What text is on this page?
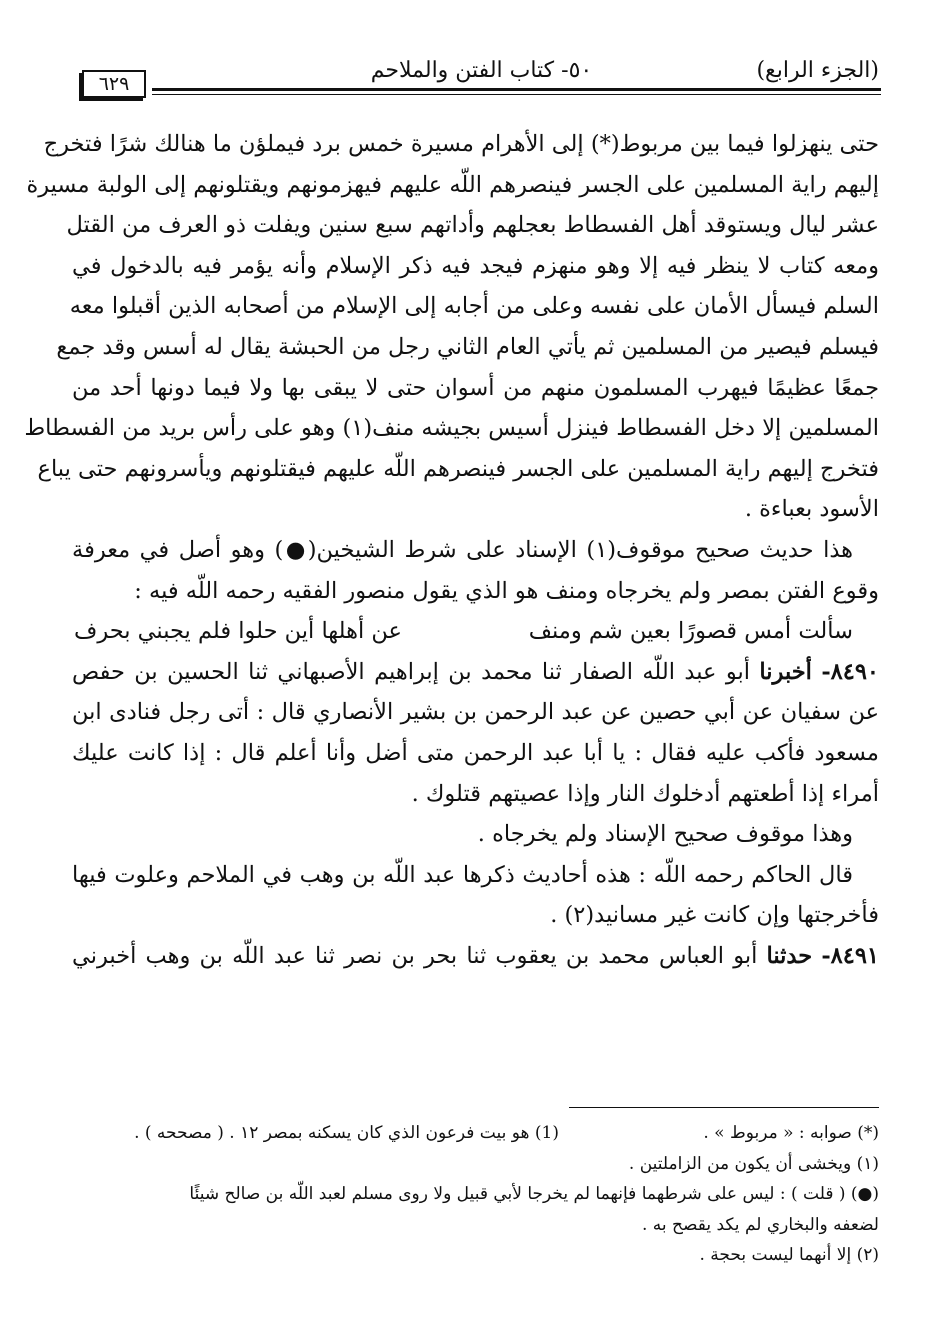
(الجزء الرابع)
٥٠- كتاب الفتن والملاحم
٦٢٩
حتى ينهزلوا فيما بين مربوط(*) إلى الأهرام مسيرة خمس برد فيملؤن ما هنالك شرًا فتخرج
إليهم راية المسلمين على الجسر فينصرهم اللّه عليهم فيهزمونهم ويقتلونهم إلى الولبة مسيرة
عشر ليال ويستوقد أهل الفسطاط بعجلهم وأداتهم سبع سنين ويفلت ذو العرف من القتل
ومعه كتاب لا ينظر فيه إلا وهو منهزم فيجد فيه ذكر الإسلام وأنه يؤمر فيه بالدخول في
السلم فيسأل الأمان على نفسه وعلى من أجابه إلى الإسلام من أصحابه الذين أقبلوا معه
فيسلم فيصير من المسلمين ثم يأتي العام الثاني رجل من الحبشة يقال له أسس وقد جمع
جمعًا عظيمًا فيهرب المسلمون منهم من أسوان حتى لا يبقى بها ولا فيما دونها أحد من
المسلمين إلا دخل الفسطاط فينزل أسيس بجيشه منف(١) وهو على رأس بريد من الفسطاط
فتخرج إليهم راية المسلمين على الجسر فينصرهم اللّه عليهم فيقتلونهم ويأسرونهم حتى يباع
الأسود بعباءة .
هذا حديث صحيح موقوف(١) الإسناد على شرط الشيخين(●) وهو أصل في معرفة
وقوع الفتن بمصر ولم يخرجاه ومنف هو الذي يقول منصور الفقيه رحمه اللّه فيه :
سألت أمس قصورًا بعين شم ومنف
عن أهلها أين حلوا فلم يجبني بحرف
٨٤٩٠- أخبرنا أبو عبد اللّه الصفار ثنا محمد بن إبراهيم الأصبهاني ثنا الحسين بن حفص
عن سفيان عن أبي حصين عن عبد الرحمن بن بشير الأنصاري قال : أتى رجل فنادى ابن
مسعود فأكب عليه فقال : يا أبا عبد الرحمن متى أضل وأنا أعلم قال : إذا كانت عليك
أمراء إذا أطعتهم أدخلوك النار وإذا عصيتهم قتلوك .
وهذا موقوف صحيح الإسناد ولم يخرجاه .
قال الحاكم رحمه اللّه : هذه أحاديث ذكرها عبد اللّه بن وهب في الملاحم وعلوت فيها
فأخرجتها وإن كانت غير مسانيد(٢) .
٨٤٩١- حدثنا أبو العباس محمد بن يعقوب ثنا بحر بن نصر ثنا عبد اللّه بن وهب أخبرني
(*) صوابه : « مربوط » .
(1) هو بيت فرعون الذي كان يسكنه بمصر ١٢ . ( مصححه ) .
(١) ويخشى أن يكون من الزاملتين .
(●) ( قلت ) : ليس على شرطهما فإنهما لم يخرجا لأبي قبيل ولا روى مسلم لعبد اللّه بن صالح شيئًا
لضعفه والبخاري لم يكد يقصح به .
(٢) إلا أنهما ليست بحجة .
